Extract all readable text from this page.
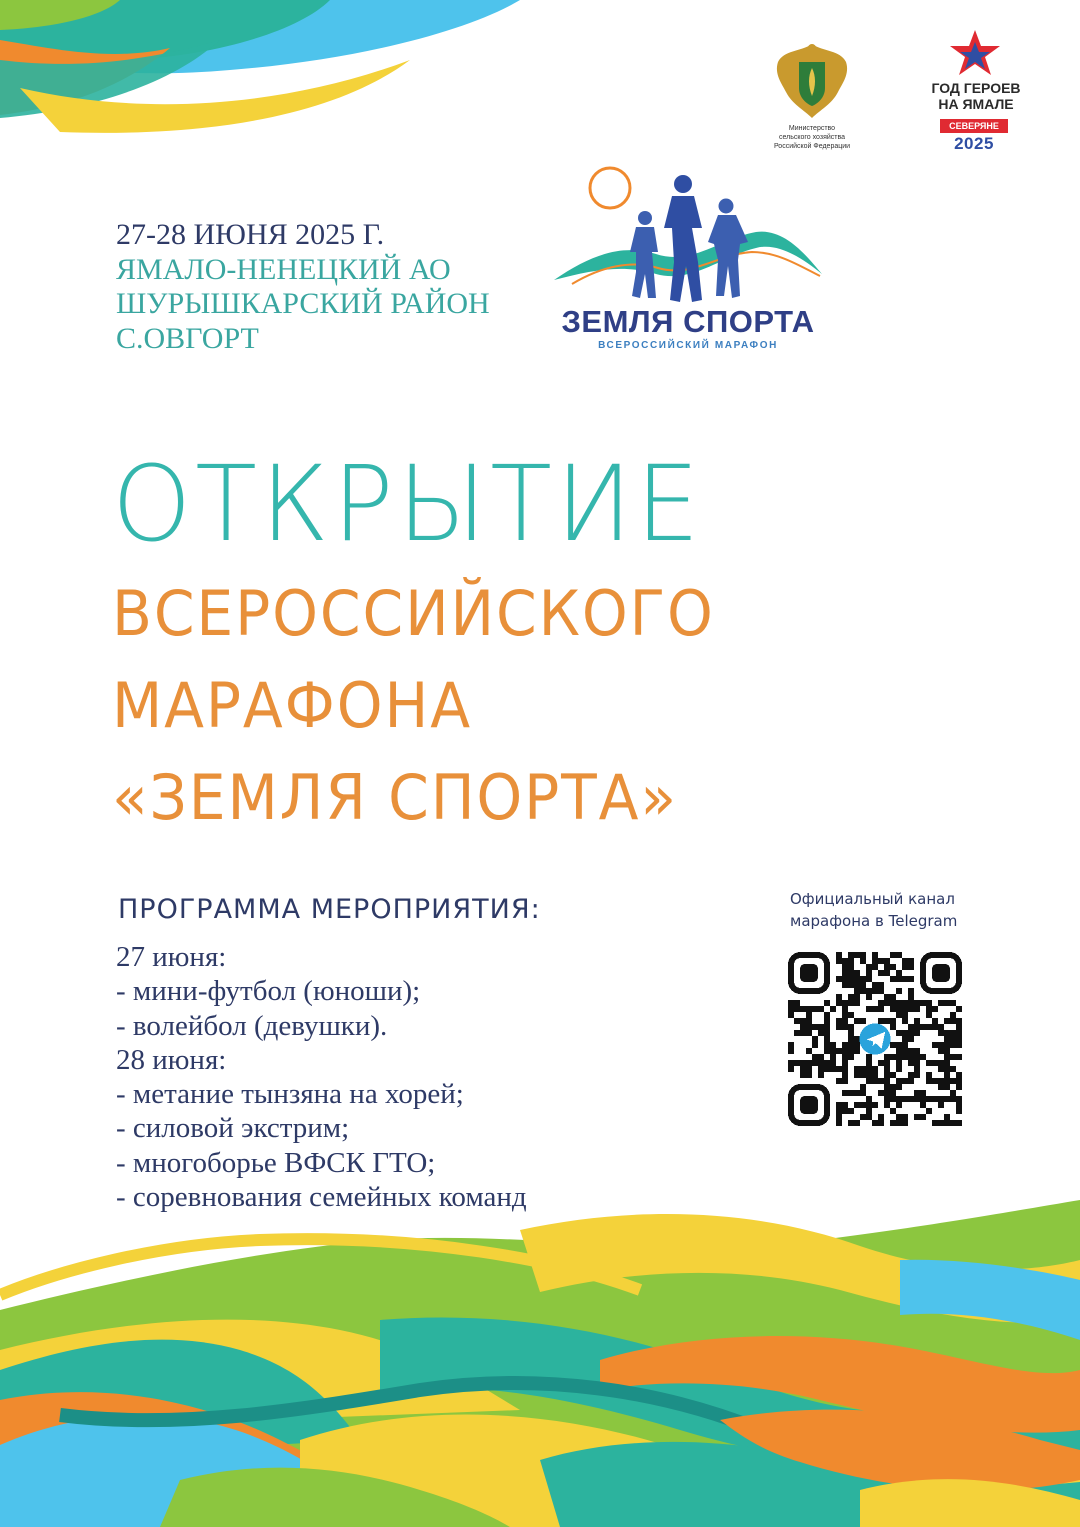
Министерство
сельского хозяйства
Российской Федерации
ГОД ГЕРОЕВ
НА ЯМАЛЕ
СЕВЕРЯНЕ
2025
27-28 ИЮНЯ 2025 Г.
ЯМАЛО-НЕНЕЦКИЙ АО
ШУРЫШКАРСКИЙ РАЙОН
С.ОВГОРТ	ЗЕМЛЯ СПОРТА
ВСЕРОССИЙСКИЙ МАРАФОН
ОТКРЫТИЕ
ВСЕРОССИЙСКОГО
МАРАФОНА
«ЗЕМЛЯ СПОРТА»
ПРОГРАММА МЕРОПРИЯТИЯ:
27 июня:
- мини-футбол (юноши);
- волейбол (девушки).
28 июня:
- метание тынзяна на хорей;
- силовой экстрим;
- многоборье ВФСК ГТО;
- соревнования семейных команд
Официальный канал
марафона в Telegram
